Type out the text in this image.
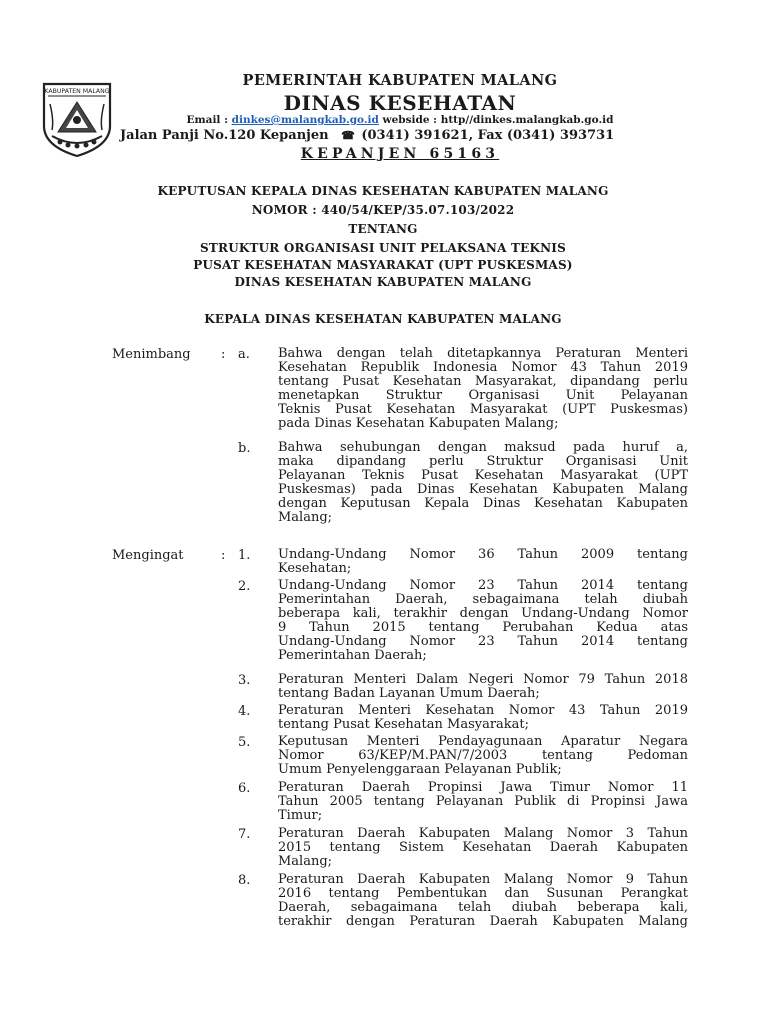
KABUPATEN MALANG
PEMERINTAH KABUPATEN MALANG
DINAS KESEHATAN
Email : dinkes@malangkab.go.id webside : http//dinkes.malangkab.go.id
Jalan Panji No.120 Kepanjen ☎ (0341) 391621, Fax (0341) 393731
KEPANJEN 65163
KEPUTUSAN KEPALA DINAS KESEHATAN KABUPATEN MALANG
NOMOR : 440/54/KEP/35.07.103/2022
TENTANG
STRUKTUR ORGANISASI UNIT PELAKSANA TEKNIS
PUSAT KESEHATAN MASYARAKAT (UPT PUSKESMAS)
DINAS KESEHATAN KABUPATEN MALANG
KEPALA DINAS KESEHATAN KABUPATEN MALANG
Menimbang : a. Bahwa dengan telah ditetapkannya Peraturan Menteri
Kesehatan Republik Indonesia Nomor 43 Tahun 2019
tentang Pusat Kesehatan Masyarakat, dipandang perlu
menetapkan Struktur Organisasi Unit Pelayanan
Teknis Pusat Kesehatan Masyarakat (UPT Puskesmas)
pada Dinas Kesehatan Kabupaten Malang;
b. Bahwa sehubungan dengan maksud pada huruf a,
maka dipandang perlu Struktur Organisasi Unit
Pelayanan Teknis Pusat Kesehatan Masyarakat (UPT
Puskesmas) pada Dinas Kesehatan Kabupaten Malang
dengan Keputusan Kepala Dinas Kesehatan Kabupaten
Malang;
Mengingat	: 1. Undang-Undang Nomor 36 Tahun 2009 tentang
Kesehatan;
2. Undang-Undang Nomor 23 Tahun 2014 tentang
Pemerintahan Daerah, sebagaimana telah diubah
beberapa kali, terakhir dengan Undang-Undang Nomor
9 Tahun 2015 tentang Perubahan Kedua atas
Undang-Undang Nomor 23 Tahun 2014 tentang
Pemerintahan Daerah;
3. Peraturan Menteri Dalam Negeri Nomor 79 Tahun 2018
tentang Badan Layanan Umum Daerah;
4. Peraturan Menteri Kesehatan Nomor 43 Tahun 2019
tentang Pusat Kesehatan Masyarakat;
5. Keputusan Menteri Pendayagunaan Aparatur Negara
Nomor 63/KEP/M.PAN/7/2003 tentang Pedoman
Umum Penyelenggaraan Pelayanan Publik;
6. Peraturan Daerah Propinsi Jawa Timur Nomor 11
Tahun 2005 tentang Pelayanan Publik di Propinsi Jawa
Timur;
7. Peraturan Daerah Kabupaten Malang Nomor 3 Tahun
2015 tentang Sistem Kesehatan Daerah Kabupaten
Malang;
8. Peraturan Daerah Kabupaten Malang Nomor 9 Tahun
2016 tentang Pembentukan dan Susunan Perangkat
Daerah, sebagaimana telah diubah beberapa kali,
terakhir dengan Peraturan Daerah Kabupaten Malang
